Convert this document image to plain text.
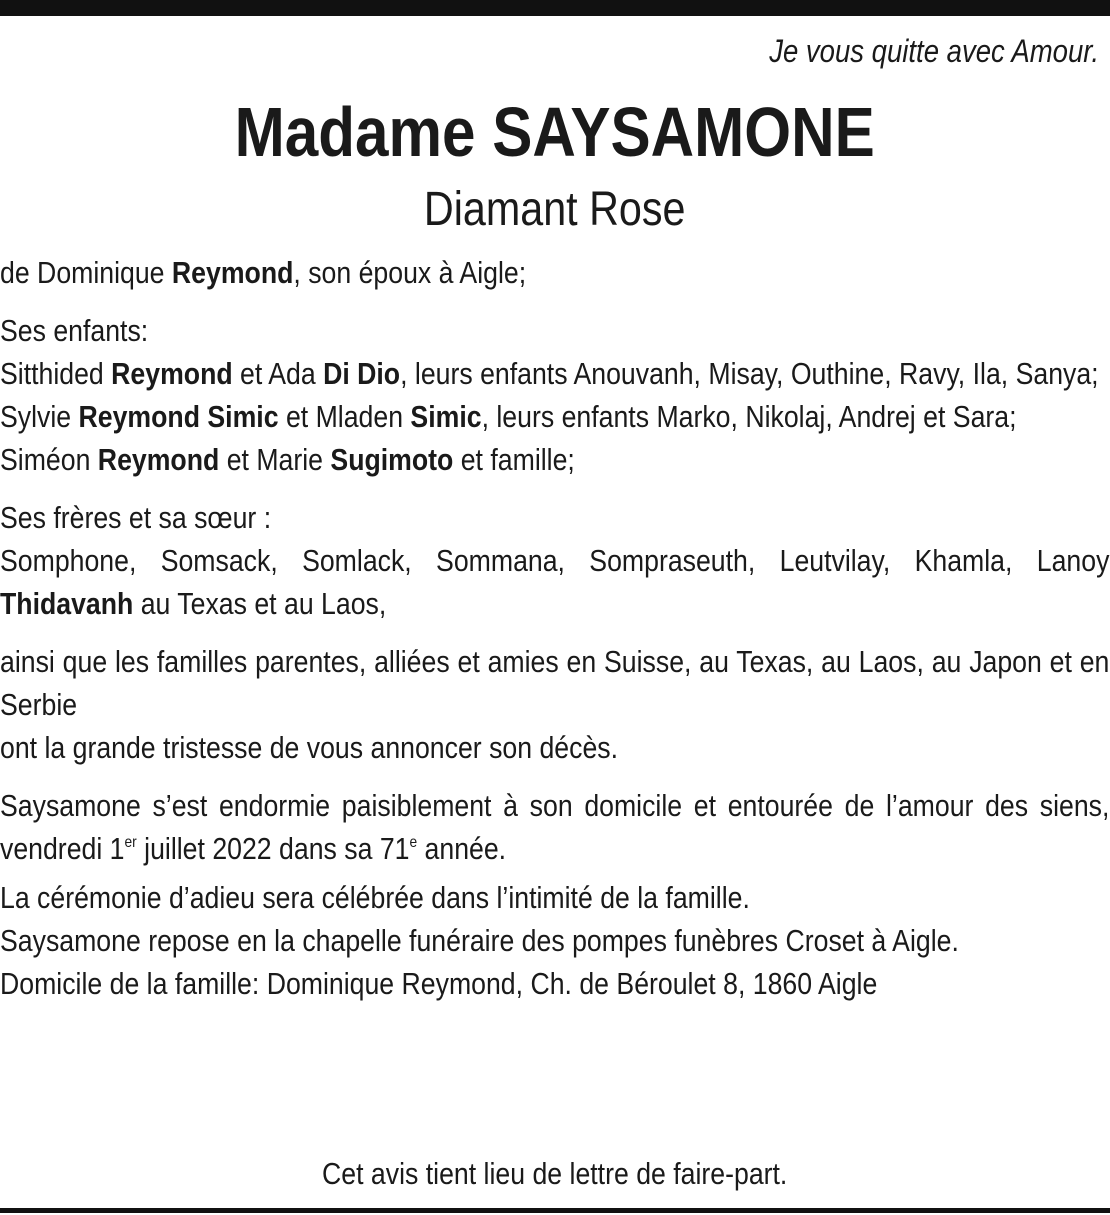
Je vous quitte avec Amour.
Madame SAYSAMONE
Diamant Rose

de Dominique Reymond, son époux à Aigle;

Ses enfants:

Sitthided Reymond et Ada Di Dio, leurs enfants Anouvanh, Misay, Outhine, Ravy, Ila, Sanya;

Sylvie Reymond Simic et Mladen Simic, leurs enfants Marko, Nikolaj, Andrej et Sara;

Siméon Reymond et Marie Sugimoto et famille;

Ses frères et sa sœur :

Somphone, Somsack, Somlack, Sommana, Sompraseuth, Leutvilay, Khamla, Lanoy Thidavanh au Texas et au Laos,

ainsi que les familles parentes, alliées et amies en Suisse, au Texas, au Laos, au Japon et en Serbie

ont la grande tristesse de vous annoncer son décès.

Saysamone s’est endormie paisiblement à son domicile et entourée de l’amour des siens, vendredi 1er juillet 2022 dans sa 71e année.

La cérémonie d’adieu sera célébrée dans l’intimité de la famille.

Saysamone repose en la chapelle funéraire des pompes funèbres Croset à Aigle.

Domicile de la famille: Dominique Reymond, Ch. de Béroulet 8, 1860 Aigle

Cet avis tient lieu de lettre de faire-part.
